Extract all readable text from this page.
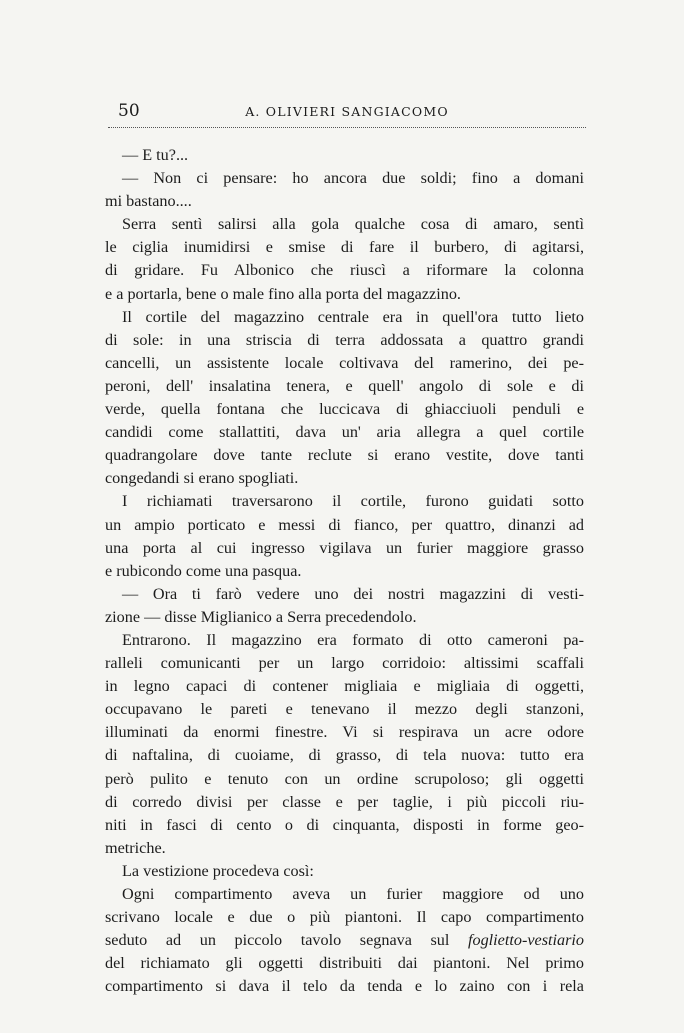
50	A. OLIVIERI SANGIACOMO
— E tu?...
— Non ci pensare: ho ancora due soldi; fino a domani
mi bastano....
Serra sentì salirsi alla gola qualche cosa di amaro, sentì
le ciglia inumidirsi e smise di fare il burbero, di agitarsi,
di gridare. Fu Albonico che riuscì a riformare la colonna
e a portarla, bene o male fino alla porta del magazzino.
Il cortile del magazzino centrale era in quell'ora tutto lieto
di sole: in una striscia di terra addossata a quattro grandi
cancelli, un assistente locale coltivava del ramerino, dei pe-
peroni, dell' insalatina tenera, e quell' angolo di sole e di
verde, quella fontana che luccicava di ghiacciuoli penduli e
candidi come stallattiti, dava un' aria allegra a quel cortile
quadrangolare dove tante reclute si erano vestite, dove tanti
congedandi si erano spogliati.
I richiamati traversarono il cortile, furono guidati sotto
un ampio porticato e messi di fianco, per quattro, dinanzi ad
una porta al cui ingresso vigilava un furier maggiore grasso
e rubicondo come una pasqua.
— Ora ti farò vedere uno dei nostri magazzini di vesti-
zione — disse Miglianico a Serra precedendolo.
Entrarono. Il magazzino era formato di otto cameroni pa-
ralleli comunicanti per un largo corridoio: altissimi scaffali
in legno capaci di contener migliaia e migliaia di oggetti,
occupavano le pareti e tenevano il mezzo degli stanzoni,
illuminati da enormi finestre. Vi si respirava un acre odore
di naftalina, di cuoiame, di grasso, di tela nuova: tutto era
però pulito e tenuto con un ordine scrupoloso; gli oggetti
di corredo divisi per classe e per taglie, i più piccoli riu-
niti in fasci di cento o di cinquanta, disposti in forme geo-
metriche.
La vestizione procedeva così:
Ogni compartimento aveva un furier maggiore od uno
scrivano locale e due o più piantoni. Il capo compartimento
seduto ad un piccolo tavolo segnava sul foglietto-vestiario
del richiamato gli oggetti distribuiti dai piantoni. Nel primo
compartimento si dava il telo da tenda e lo zaino con i rela
